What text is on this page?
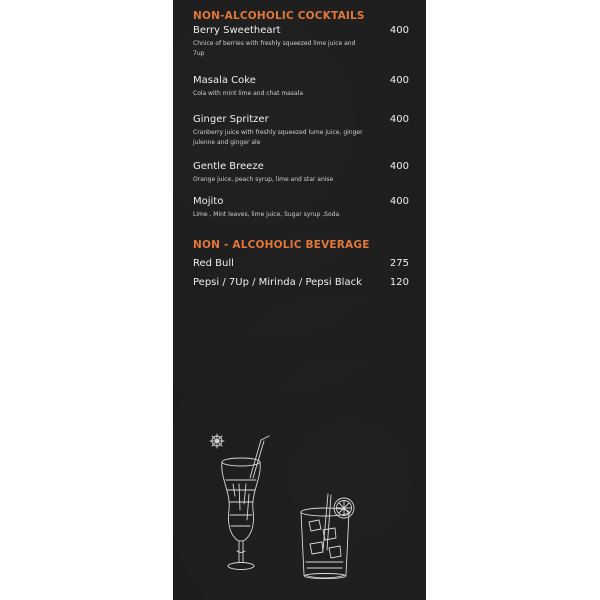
NON-ALCOHOLIC COCKTAILS
Berry Sweetheart	400
Chnice of berries with freshly squeezed lime juice and 7up
Masala Coke	400
Cola with mint lime and chat masala
Ginger Spritzer	400
Cranberry juice with freshly squeezed lume juice, ginger julenne and ginger ale
Gentle Breeze	400
Orange juice, peach syrup, lime and star anise
Mojito	400
Lime , Mint leaves, lime juice, Sugar syrup ,Soda
NON - ALCOHOLIC BEVERAGE
Red Bull	275
Pepsi / 7Up / Mirinda / Pepsi Black	120
